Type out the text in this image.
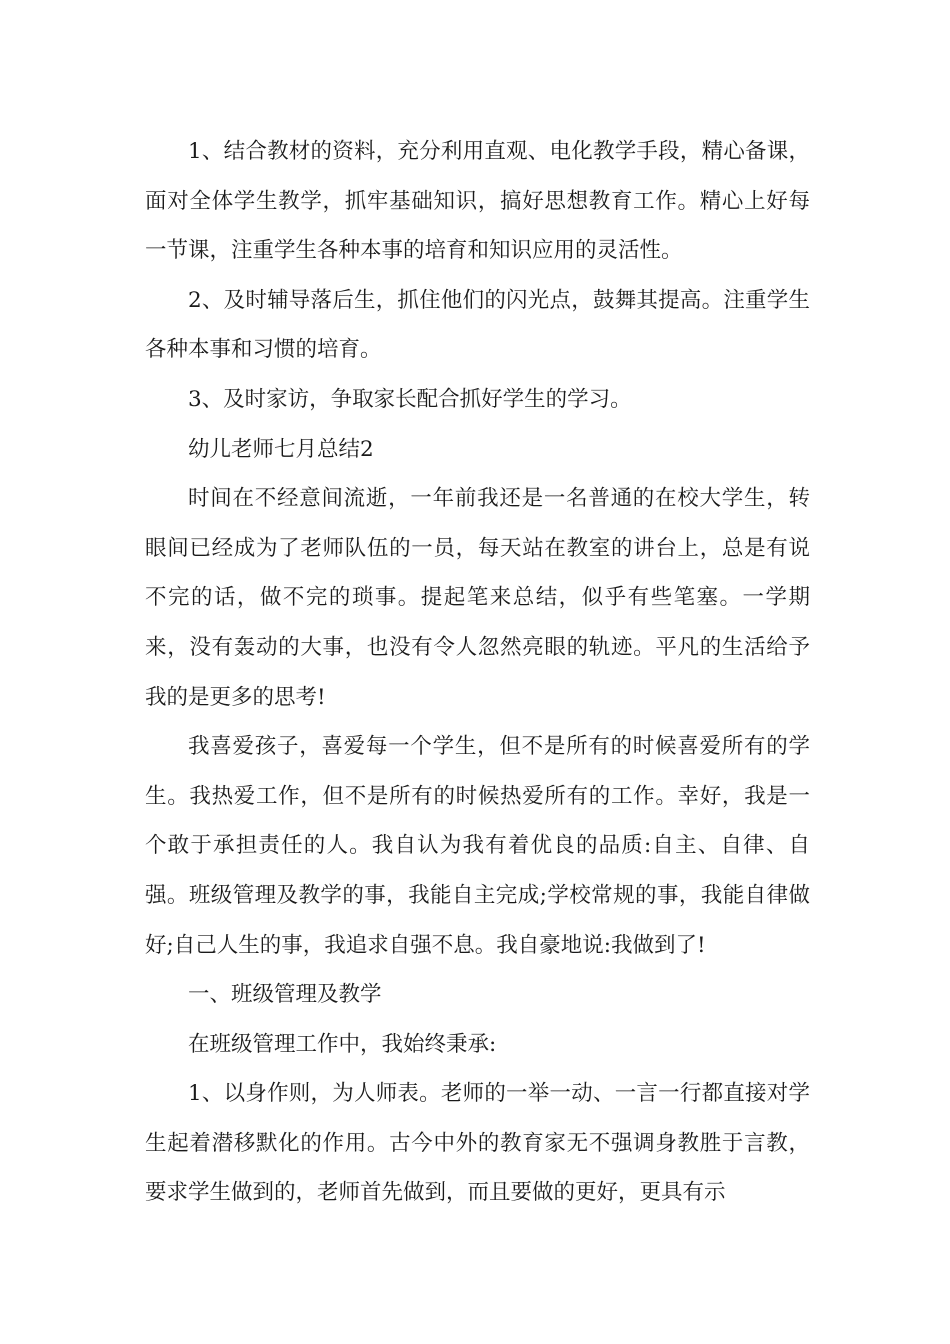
1、结合教材的资料，充分利用直观、电化教学手段，精心备课，面对全体学生教学，抓牢基础知识，搞好思想教育工作。精心上好每一节课，注重学生各种本事的培育和知识应用的灵活性。

2、及时辅导落后生，抓住他们的闪光点，鼓舞其提高。注重学生各种本事和习惯的培育。

3、及时家访，争取家长配合抓好学生的学习。

幼儿老师七月总结2

时间在不经意间流逝，一年前我还是一名普通的在校大学生，转眼间已经成为了老师队伍的一员，每天站在教室的讲台上，总是有说不完的话，做不完的琐事。提起笔来总结，似乎有些笔塞。一学期来，没有轰动的大事，也没有令人忽然亮眼的轨迹。平凡的生活给予我的是更多的思考!

我喜爱孩子，喜爱每一个学生，但不是所有的时候喜爱所有的学生。我热爱工作，但不是所有的时候热爱所有的工作。幸好，我是一个敢于承担责任的人。我自认为我有着优良的品质:自主、自律、自强。班级管理及教学的事，我能自主完成;学校常规的事，我能自律做好;自己人生的事，我追求自强不息。我自豪地说:我做到了!

一、班级管理及教学

在班级管理工作中，我始终秉承:

1、以身作则，为人师表。老师的一举一动、一言一行都直接对学生起着潜移默化的作用。古今中外的教育家无不强调身教胜于言教，要求学生做到的，老师首先做到，而且要做的更好，更具有示
